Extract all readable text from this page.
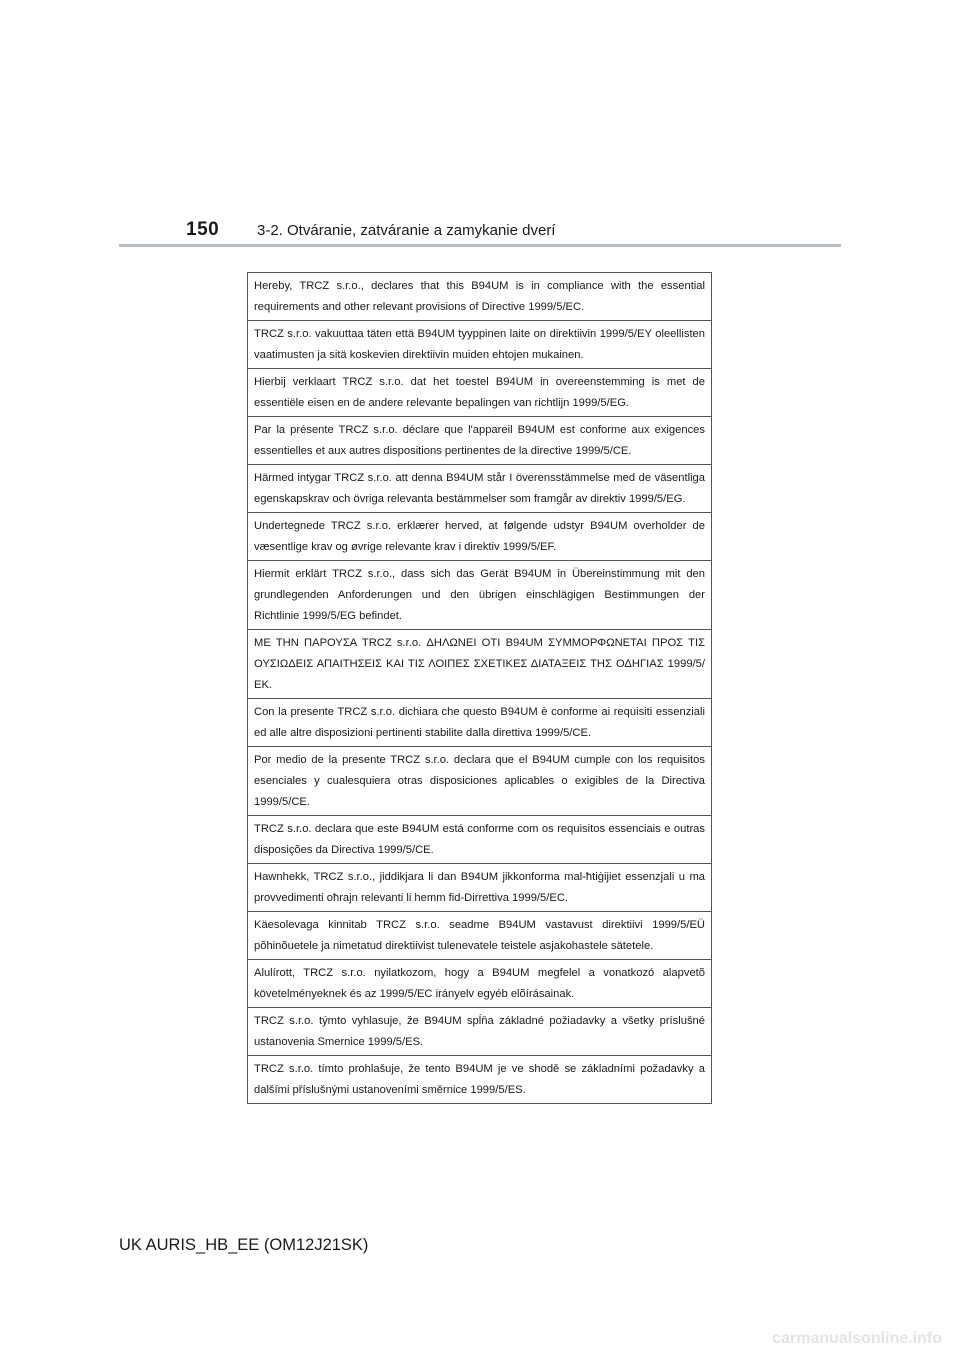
150	3-2. Otváranie, zatváranie a zamykanie dverí
Hereby, TRCZ s.r.o., declares that this B94UM is in compliance with the essential requirements and other relevant provisions of Directive 1999/5/EC.
TRCZ s.r.o. vakuuttaa täten että B94UM tyyppinen laite on direktiivin 1999/5/EY oleellisten vaatimusten ja sitä koskevien direktiivin muiden ehtojen mukainen.
Hierbij verklaart TRCZ s.r.o. dat het toestel B94UM in overeenstemming is met de essentiële eisen en de andere relevante bepalingen van richtlijn 1999/5/EG.
Par la présente TRCZ s.r.o. déclare que l'appareil B94UM est conforme aux exigences essentielles et aux autres dispositions pertinentes de la directive 1999/5/CE.
Härmed intygar TRCZ s.r.o. att denna B94UM står I överensstämmelse med de väsentliga egenskapskrav och övriga relevanta bestämmelser som framgår av direktiv 1999/5/EG.
Undertegnede TRCZ s.r.o. erklærer herved, at følgende udstyr B94UM overholder de væsentlige krav og øvrige relevante krav i direktiv 1999/5/EF.
Hiermit erklärt TRCZ s.r.o., dass sich das Gerät B94UM in Übereinstimmung mit den grundlegenden Anforderungen und den übrigen einschlägigen Bestimmungen der Richtlinie 1999/5/EG befindet.
ΜΕ ΤΗΝ ΠΑΡΟΥΣΑ TRCZ s.r.o. ΔΗΛΩΝΕΙ ΟΤΙ B94UM ΣΥΜΜΟΡΦΩΝΕΤΑΙ ΠΡΟΣ ΤΙΣ ΟΥΣΙΩΔΕΙΣ ΑΠΑΙΤΗΣΕΙΣ ΚΑΙ ΤΙΣ ΛΟΙΠΕΣ ΣΧΕΤΙΚΕΣ ΔΙΑΤΑΞΕΙΣ ΤΗΣ ΟΔΗΓΙΑΣ 1999/5/ΕΚ.
Con la presente TRCZ s.r.o. dichiara che questo B94UM è conforme ai requisiti essenziali ed alle altre disposizioni pertinenti stabilite dalla direttiva 1999/5/CE.
Por medio de la presente TRCZ s.r.o. declara que el B94UM cumple con los requisitos esenciales y cualesquiera otras disposiciones aplicables o exigibles de la Directiva 1999/5/CE.
TRCZ s.r.o. declara que este B94UM está conforme com os requisitos essenciais e outras disposições da Directiva 1999/5/CE.
Hawnhekk, TRCZ s.r.o., jiddikjara li dan B94UM jikkonforma mal-ħtiġijiet essenzjali u ma provvedimenti oħrajn relevanti li hemm fid-Dirrettiva 1999/5/EC.
Käesolevaga kinnitab TRCZ s.r.o. seadme B94UM vastavust direktiivi 1999/5/EÜ põhinõuetele ja nimetatud direktiivist tulenevatele teistele asjakohastele sätetele.
Alulírott, TRCZ s.r.o. nyilatkozom, hogy a B94UM megfelel a vonatkozó alapvetõ követelményeknek és az 1999/5/EC irányelv egyéb elõírásainak.
TRCZ s.r.o. týmto vyhlasuje, že B94UM spĺňa základné požiadavky a všetky príslušné ustanovenia Smernice 1999/5/ES.
TRCZ s.r.o. tímto prohlašuje, že tento B94UM je ve shodě se základními požadavky a dalšími příslušnými ustanoveními směrnice 1999/5/ES.
UK AURIS_HB_EE (OM12J21SK)
carmanualsonline.info
